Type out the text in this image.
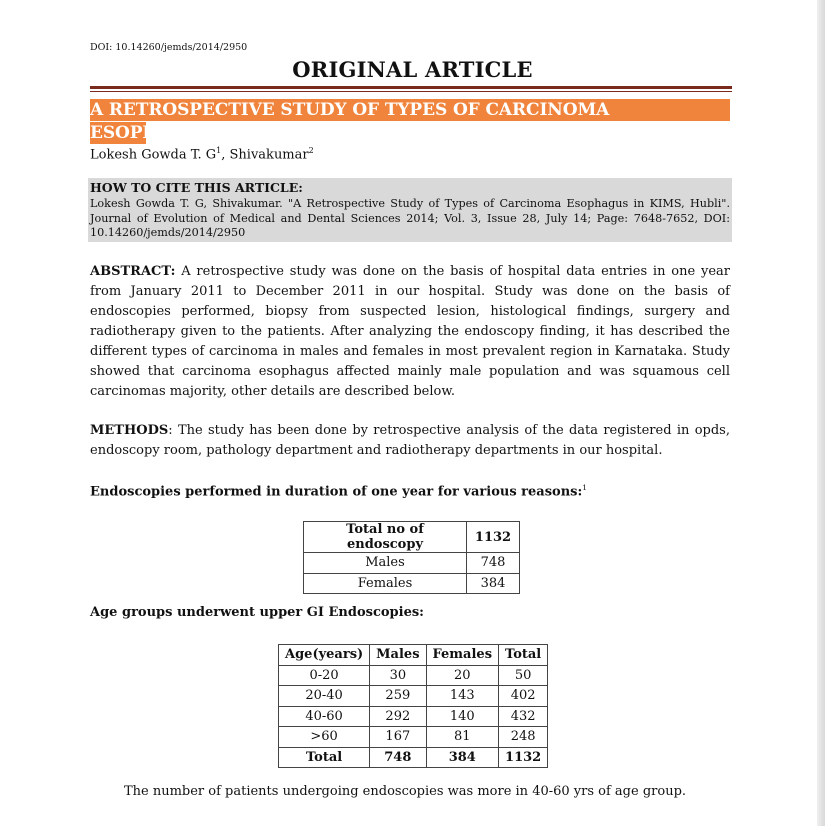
DOI: 10.14260/jemds/2014/2950
ORIGINAL ARTICLE
A RETROSPECTIVE STUDY OF TYPES OF CARCINOMA ESOPHAGUS IN KIMS, HUBLI
Lokesh Gowda T. $G^1$, Shivakumar$^2$
HOW TO CITE THIS ARTICLE:
Lokesh Gowda T. G, Shivakumar. "A Retrospective Study of Types of Carcinoma Esophagus in KIMS, Hubli". Journal of Evolution of Medical and Dental Sciences 2014; Vol. 3, Issue 28, July 14; Page: 7648-7652, DOI: 10.14260/jemds/2014/2950
ABSTRACT: A retrospective study was done on the basis of hospital data entries in one year from January 2011 to December 2011 in our hospital. Study was done on the basis of endoscopies performed, biopsy from suspected lesion, histological findings, surgery and radiotherapy given to the patients. After analyzing the endoscopy finding, it has described the different types of carcinoma in males and females in most prevalent region in Karnataka. Study showed that carcinoma esophagus affected mainly male population and was squamous cell carcinomas majority, other details are described below.
METHODS: The study has been done by retrospective analysis of the data registered in opds, endoscopy room, pathology department and radiotherapy departments in our hospital.
Endoscopies performed in duration of one year for various reasons:$^1$
Total no of endoscopy	1132
Males	748
Females	384
Age groups underwent upper GI Endoscopies:
Age(years)	Males	Females	Total
0-20	30	20	50
20-40	259	143	402
40-60	292	140	432
>60	167	81	248
Total	748	384	1132
The number of patients undergoing endoscopies was more in 40-60 yrs of age group.
